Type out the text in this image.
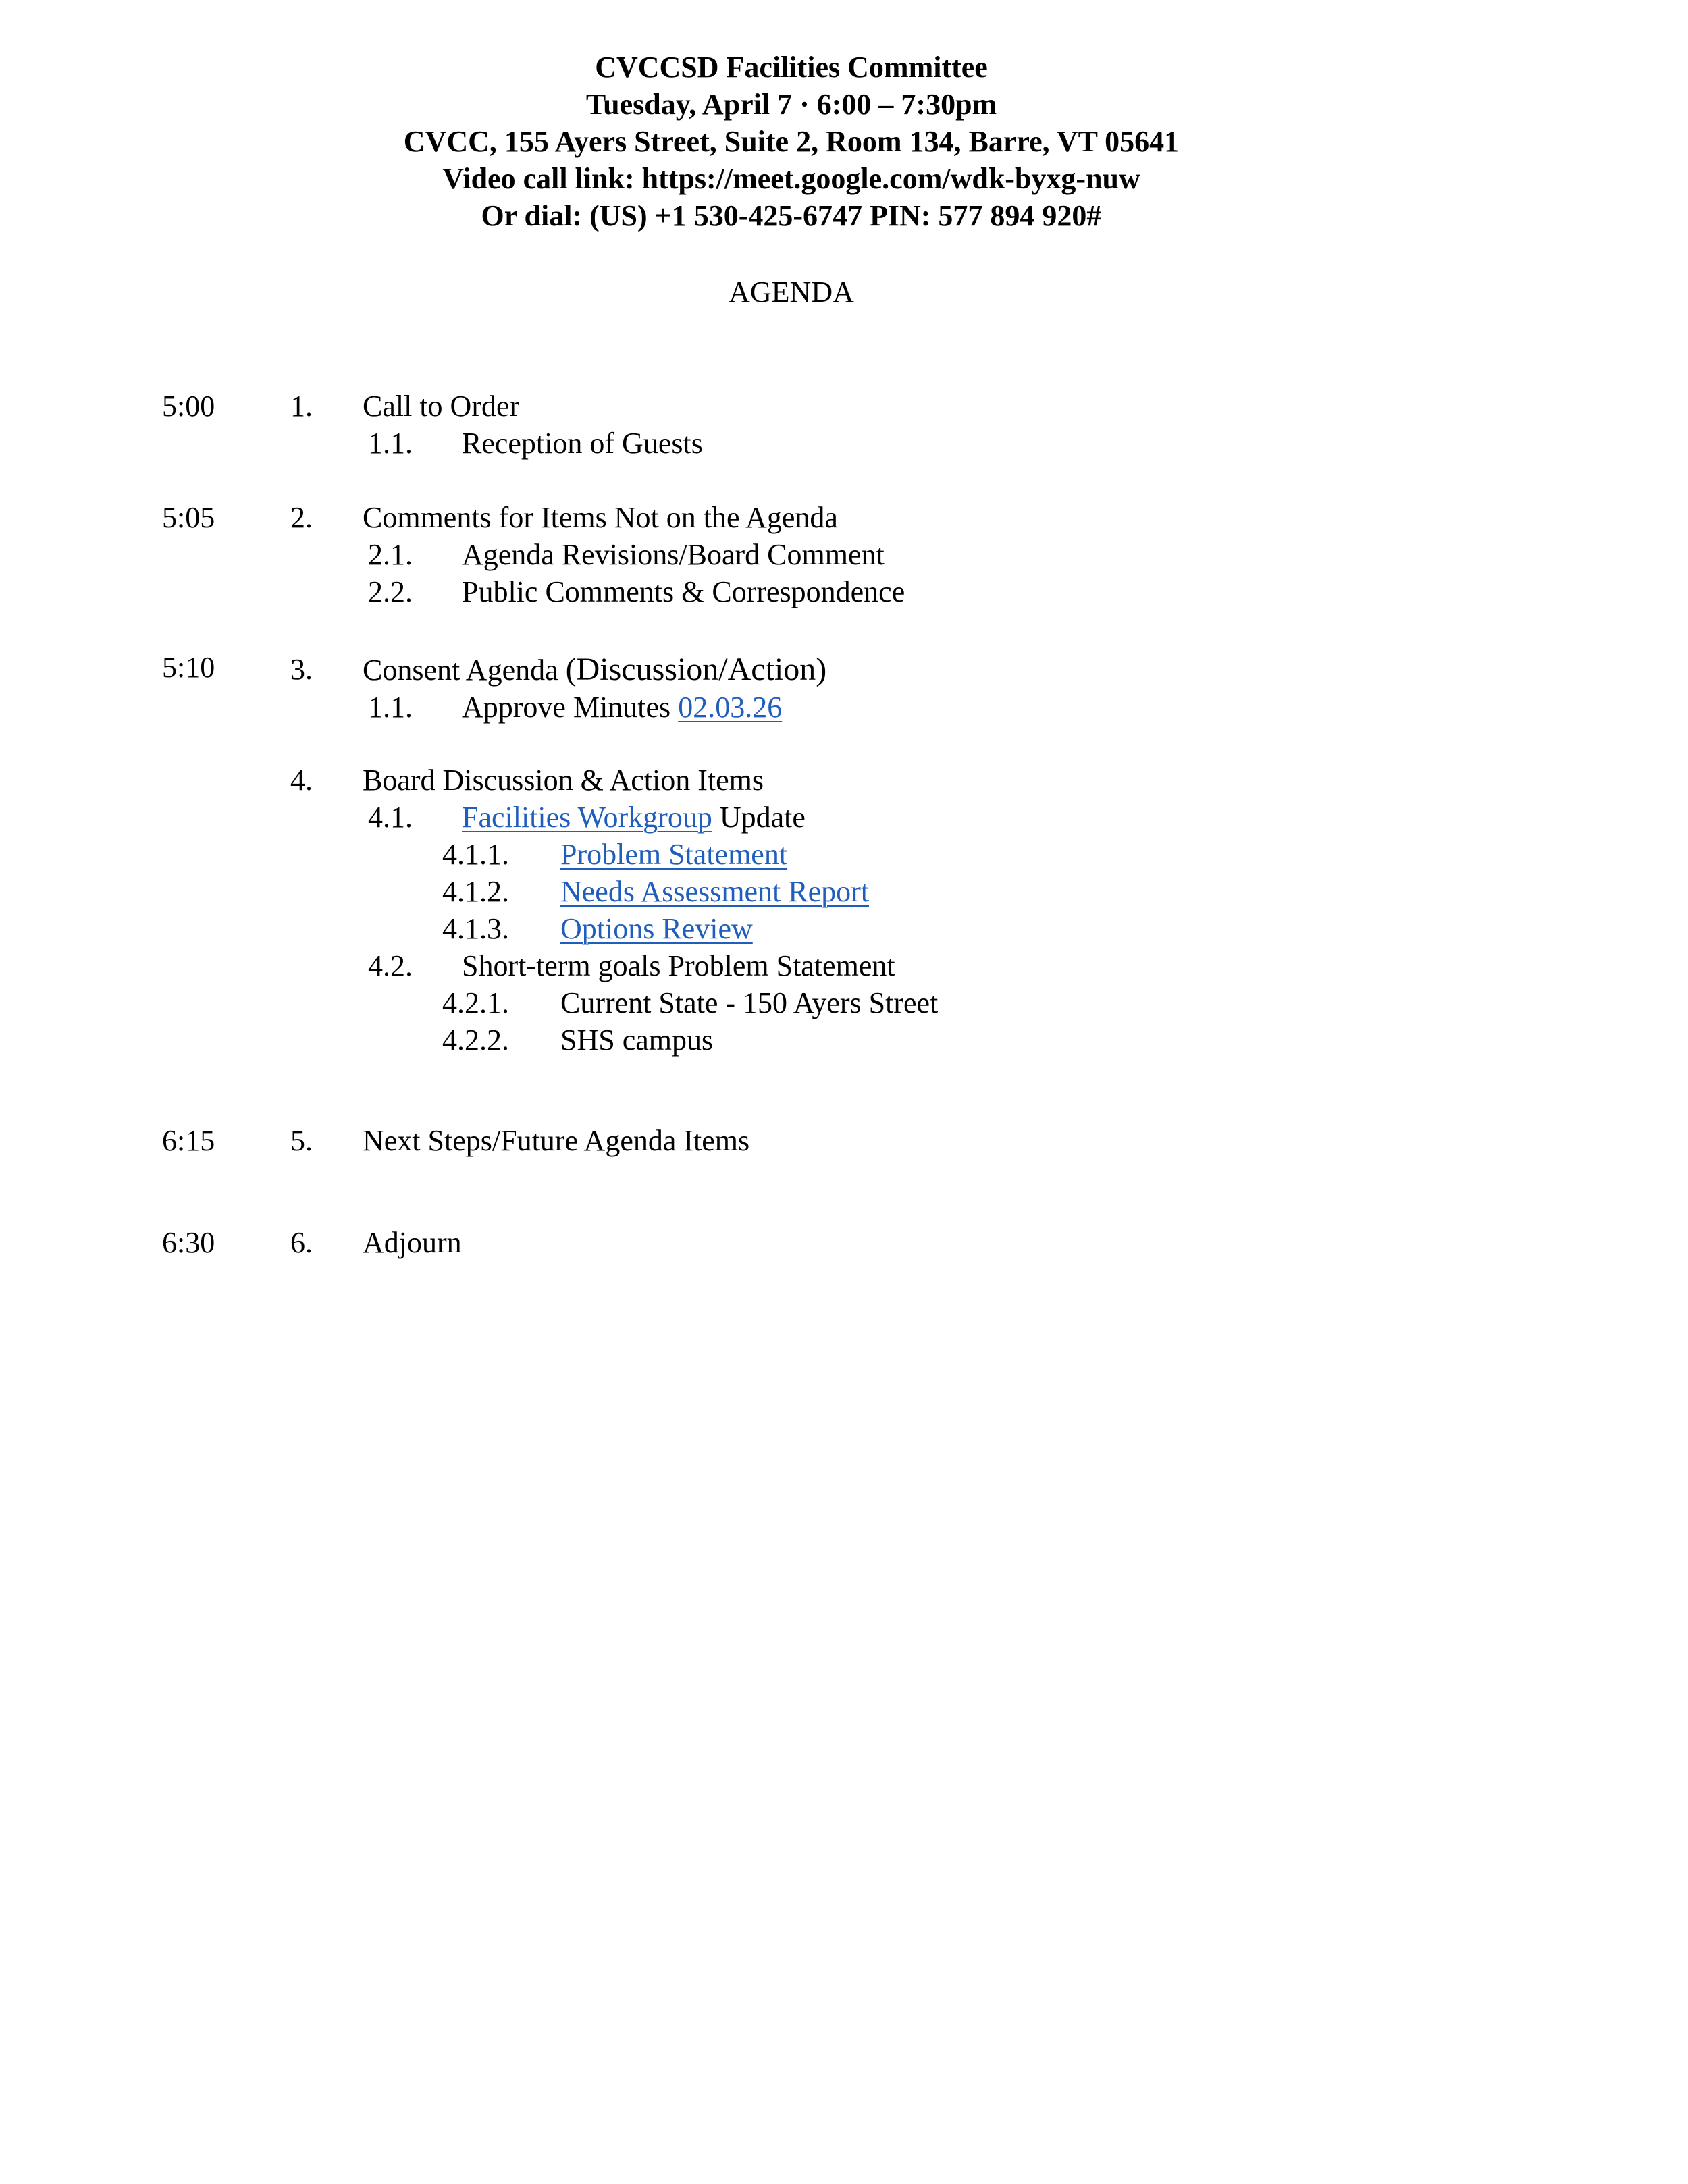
CVCCSD Facilities Committee
Tuesday, April 7 · 6:00 – 7:30pm
CVCC, 155 Ayers Street, Suite 2, Room 134, Barre, VT 05641
Video call link: https://meet.google.com/wdk-byxg-nuw
Or dial: (US) +1 530-425-6747 PIN: 577 894 920#
AGENDA
5:00	1. Call to Order
1.1. Reception of Guests
5:05	2. Comments for Items Not on the Agenda
2.1. Agenda Revisions/Board Comment
2.2. Public Comments & Correspondence
5:10	3. Consent Agenda (Discussion/Action)
1.1. Approve Minutes 02.03.26
4. Board Discussion & Action Items
4.1. Facilities Workgroup Update
4.1.1. Problem Statement
4.1.2. Needs Assessment Report
4.1.3. Options Review
4.2. Short-term goals Problem Statement
4.2.1. Current State - 150 Ayers Street
4.2.2. SHS campus
6:15	5. Next Steps/Future Agenda Items
6:30	6. Adjourn
